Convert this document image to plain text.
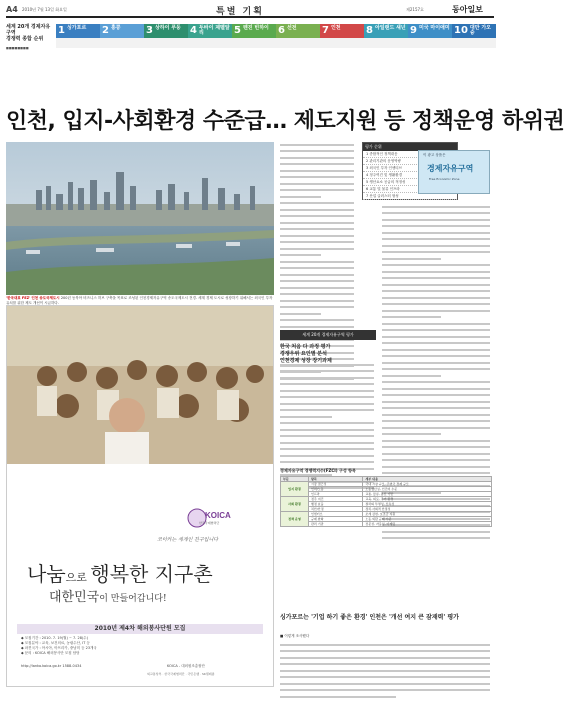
A4 2010년 7월 13일 화요일	특별 기획	제2157호	동아일보
세계 20개 경제자유구역
경쟁력 종합 순위
■■■■■■■■
1 싱가포르	2 홍콩	3 상하이 푸둥 4 두바이 제벨알리	5 톈진 빈하이 6 선전	7 인천	8 아일랜드 섀넌 9 미국 마이애미 10 대만 가오슝
인천, 입지-사회환경 수준급… 제도지원 등 정책운영 하위권
'한국대표 FEZ' 인천 송도국제도시 200년 동북아 비즈니스 허브 구축을 목표로 조성된 인천경제자유구역 송도국제도시 전경. 세계 경제 도시로 성장하기 위해서는 외국인 투자 유치를 위한 제도 개선이 시급하다.
KOICA
한국국제협력단
코이카는 세계인 친구입니다
나눔으로 행복한 지구촌
대한민국이 만들어갑니다!
2010년 제4차 해외봉사단원 모집
◆ 모집기간 : 2010. 7. 19(월) ~ 7. 28(수)
◆ 모집분야 : 교육, 보건의료, 농림수산, IT 등
◆ 파견국가 : 아시아, 아프리카, 중남미 등 23개국
◆ 문의 : KOICA 해외봉사단 모집 담당
http://lanko.koica.go.kr 1588-0434	KOICA - 대외원조총괄단
외교통상부 · 한국국제협력단 · 국민은행 · SK텔레콤
평가 순위
1 종합적인 정책대응
2 관리기관의 운영역량
3 외국인 투자 인센티브
4 정주여건 및 생활환경
5 생산요소 공급의 적정성
6 교통 및 물류 인프라
7 산업 클러스터 형성
이 광고 상품은
경제자유구역
Free Economic Zone
세계 20개 경제자유구역 평가
한국 처음 다 과정 평가
경쟁우위 요인별 분석
인천경제 성장 장기과제
경제자유구역 경쟁력지수(FZCI) 구성 항목
부문	항목	세부 내용
입지 환경	시장 접근성	국내 시장 규모, 주변국 경제 규모
	인력/노동	노동생산성, 인건비 수준
	인프라	교통, 물류, 통신 기반
사회 환경	정주 여건	교육, 의료, 주거 환경
	행정 효율	절차의 투명성, 신속성
	치안/안정	정치·사회적 안정성
정책 운영	인센티브	조세 감면, 보조금 지원
	규제 완화	노동·외환 규제 수준
	관리 기관	전문성, 자율성, 마케팅
싱가포르는 '기업 하기 좋은 환경' 인천은 '개선 여지 큰 잠재력' 평가
■ 이렇게 조사했다
